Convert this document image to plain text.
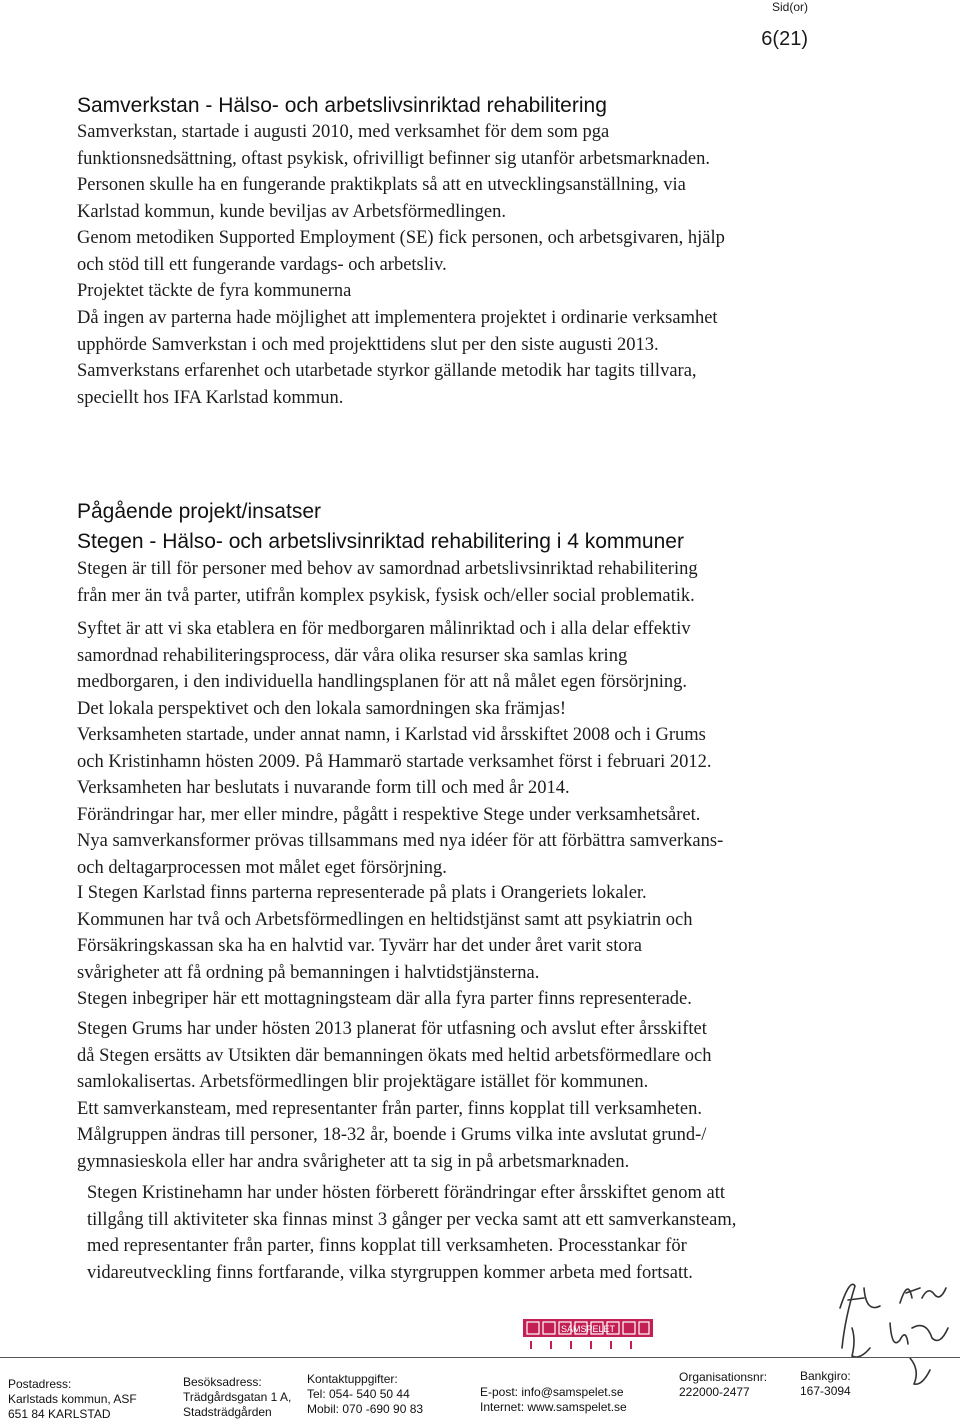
Sid(or)
6(21)
Samverkstan - Hälso- och arbetslivsinriktad rehabilitering
Samverkstan, startade i augusti 2010, med verksamhet för dem som pga
funktionsnedsättning, oftast psykisk, ofrivilligt befinner sig utanför arbetsmarknaden.
Personen skulle ha en fungerande praktikplats så att en utvecklingsanställning, via
Karlstad kommun, kunde beviljas av Arbetsförmedlingen.
Genom metodiken Supported Employment (SE) fick personen, och arbetsgivaren, hjälp
och stöd till ett fungerande vardags- och arbetsliv.
Projektet täckte de fyra kommunerna
Då ingen av parterna hade möjlighet att implementera projektet i ordinarie verksamhet
upphörde Samverkstan i och med projekttidens slut per den siste augusti 2013.
Samverkstans erfarenhet och utarbetade styrkor gällande metodik har tagits tillvara,
speciellt hos IFA Karlstad kommun.
Pågående projekt/insatser
Stegen - Hälso- och arbetslivsinriktad rehabilitering i 4 kommuner
Stegen är till för personer med behov av samordnad arbetslivsinriktad rehabilitering
från mer än två parter, utifrån komplex psykisk, fysisk och/eller social problematik.
Syftet är att vi ska etablera en för medborgaren målinriktad och i alla delar effektiv
samordnad rehabiliteringsprocess, där våra olika resurser ska samlas kring
medborgaren, i den individuella handlingsplanen för att nå målet egen försörjning.
Det lokala perspektivet och den lokala samordningen ska främjas!
Verksamheten startade, under annat namn, i Karlstad vid årsskiftet 2008 och i Grums
och Kristinhamn hösten 2009. På Hammarö startade verksamhet först i februari 2012.
Verksamheten har beslutats i nuvarande form till och med år 2014.
Förändringar har, mer eller mindre, pågått i respektive Stege under verksamhetsåret.
Nya samverkansformer prövas tillsammans med nya idéer för att förbättra samverkans-
och deltagarprocessen mot målet eget försörjning.
I Stegen Karlstad finns parterna representerade på plats i Orangeriets lokaler.
Kommunen har två och Arbetsförmedlingen en heltidstjänst samt att psykiatrin och
Försäkringskassan ska ha en halvtid var. Tyvärr har det under året varit stora
svårigheter att få ordning på bemanningen i halvtidstjänsterna.
Stegen inbegriper här ett mottagningsteam där alla fyra parter finns representerade.
Stegen Grums har under hösten 2013 planerat för utfasning och avslut efter årsskiftet
då Stegen ersätts av Utsikten där bemanningen ökats med heltid arbetsförmedlare och
samlokalisertas. Arbetsförmedlingen blir projektägare istället för kommunen.
Ett samverkansteam, med representanter från parter, finns kopplat till verksamheten.
Målgruppen ändras till personer, 18-32 år, boende i Grums vilka inte avslutat grund-/
gymnasieskola eller har andra svårigheter att ta sig in på arbetsmarknaden.
Stegen Kristinehamn har under hösten förberett förändringar efter årsskiftet genom att
tillgång till aktiviteter ska finnas minst 3 gånger per vecka samt att ett samverkansteam,
med representanter från parter, finns kopplat till verksamheten. Processtankar för
vidareutveckling finns fortfarande, vilka styrgruppen kommer arbeta med fortsatt.
SAMSPELET
Postadress:
Karlstads kommun, ASF
651 84 KARLSTAD
Besöksadress:
Trädgårdsgatan 1 A,
Stadsträdgården
Kontaktuppgifter:
Tel: 054- 540 50 44
Mobil: 070 -690 90 83
E-post: info@samspelet.se
Internet: www.samspelet.se
Organisationsnr:
222000-2477
Bankgiro:
167-3094
